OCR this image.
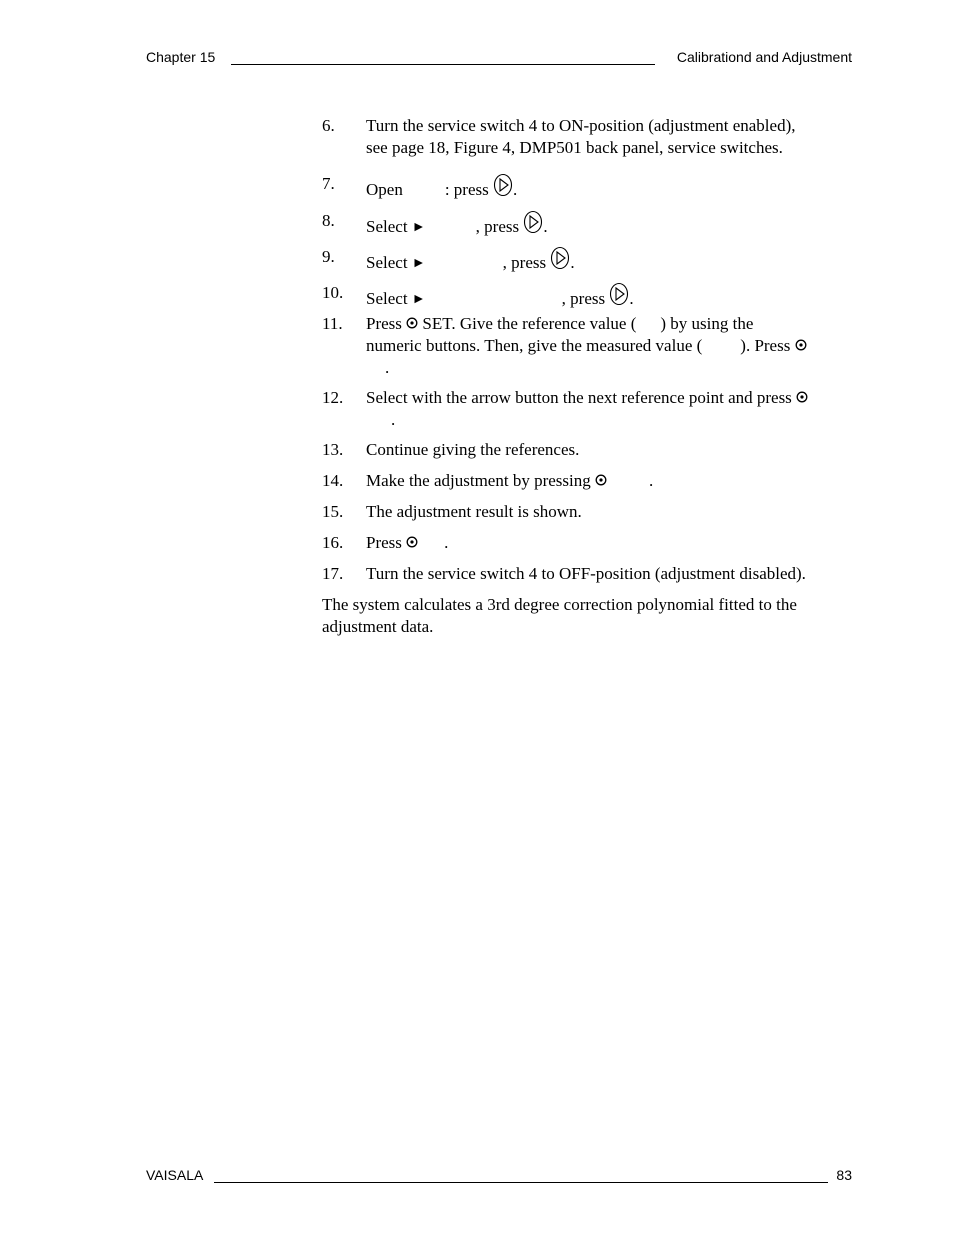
Chapter 15	Calibrationd and Adjustment
6. Turn the service switch 4 to ON-position (adjustment enabled),
see page 18, Figure 4, DMP501 back panel, service switches.
7. Open : press .
8. Select ►	, press .
9. Select ►	, press .
10. Select ►	, press .
11. Press SET. Give the reference value ( ) by using the
numeric buttons. Then, give the measured value ( ). Press
.
12. Select with the arrow button the next reference point and press
.
13. Continue giving the references.
14. Make the adjustment by pressing	.
15. The adjustment result is shown.
16. Press .
17. Turn the service switch 4 to OFF-position (adjustment disabled).
The system calculates a 3rd degree correction polynomial fitted to the adjustment data.
VAISALA	83
